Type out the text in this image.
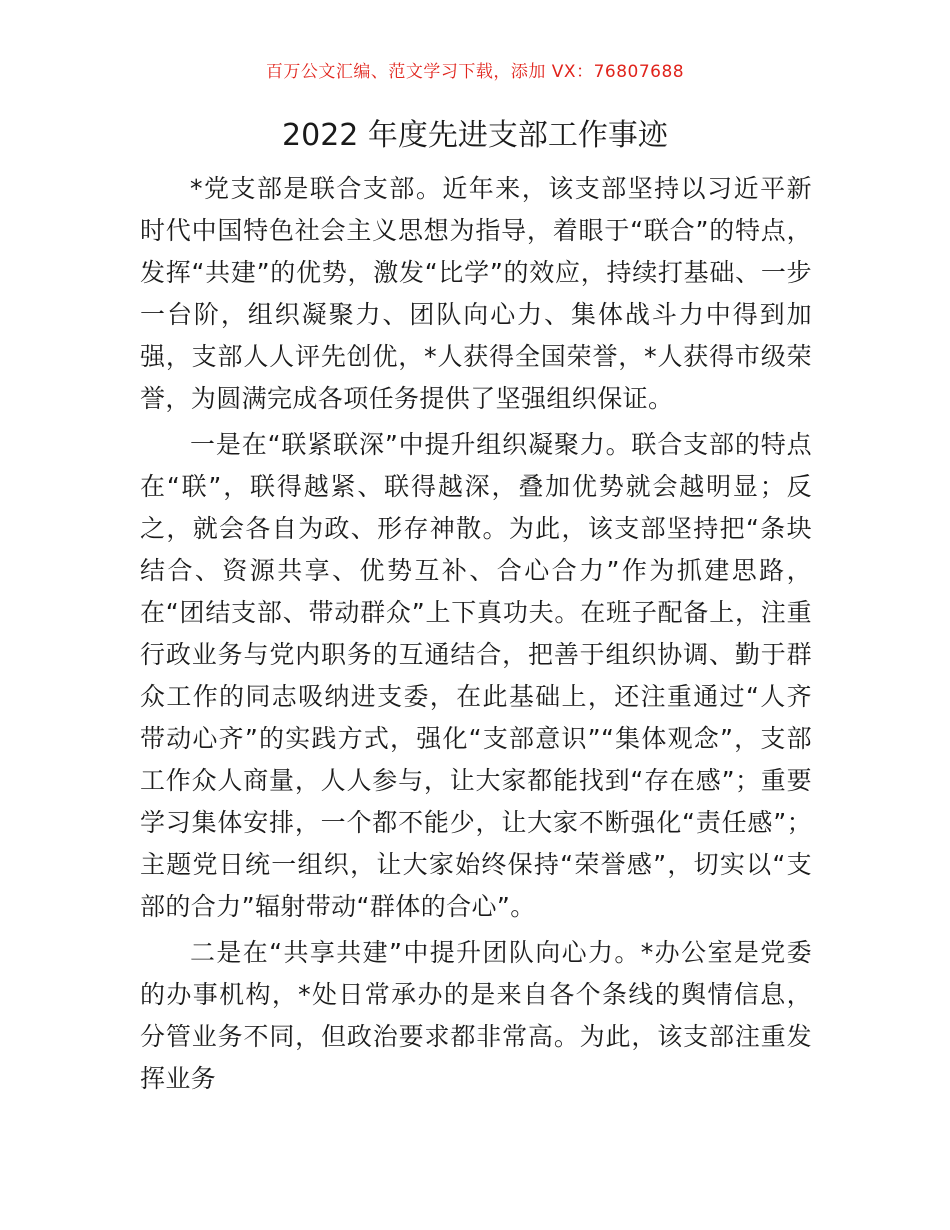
百万公文汇编、范文学习下载，添加 VX：76807688
2022 年度先进支部工作事迹

*党支部是联合支部。近年来，该支部坚持以习近平新时代中国特色社会主义思想为指导，着眼于“联合”的特点，发挥“共建”的优势，激发“比学”的效应，持续打基础、一步一台阶，组织凝聚力、团队向心力、集体战斗力中得到加强，支部人人评先创优，*人获得全国荣誉，*人获得市级荣誉，为圆满完成各项任务提供了坚强组织保证。

一是在“联紧联深”中提升组织凝聚力。联合支部的特点在“联”，联得越紧、联得越深，叠加优势就会越明显；反之，就会各自为政、形存神散。为此，该支部坚持把“条块结合、资源共享、优势互补、合心合力”作为抓建思路，在“团结支部、带动群众”上下真功夫。在班子配备上，注重行政业务与党内职务的互通结合，把善于组织协调、勤于群众工作的同志吸纳进支委，在此基础上，还注重通过“人齐带动心齐”的实践方式，强化“支部意识”“集体观念”，支部工作众人商量，人人参与，让大家都能找到“存在感”；重要学习集体安排，一个都不能少，让大家不断强化“责任感”；主题党日统一组织，让大家始终保持“荣誉感”，切实以“支部的合力”辐射带动“群体的合心”。

二是在“共享共建”中提升团队向心力。*办公室是党委的办事机构，*处日常承办的是来自各个条线的舆情信息，分管业务不同，但政治要求都非常高。为此，该支部注重发挥业务
